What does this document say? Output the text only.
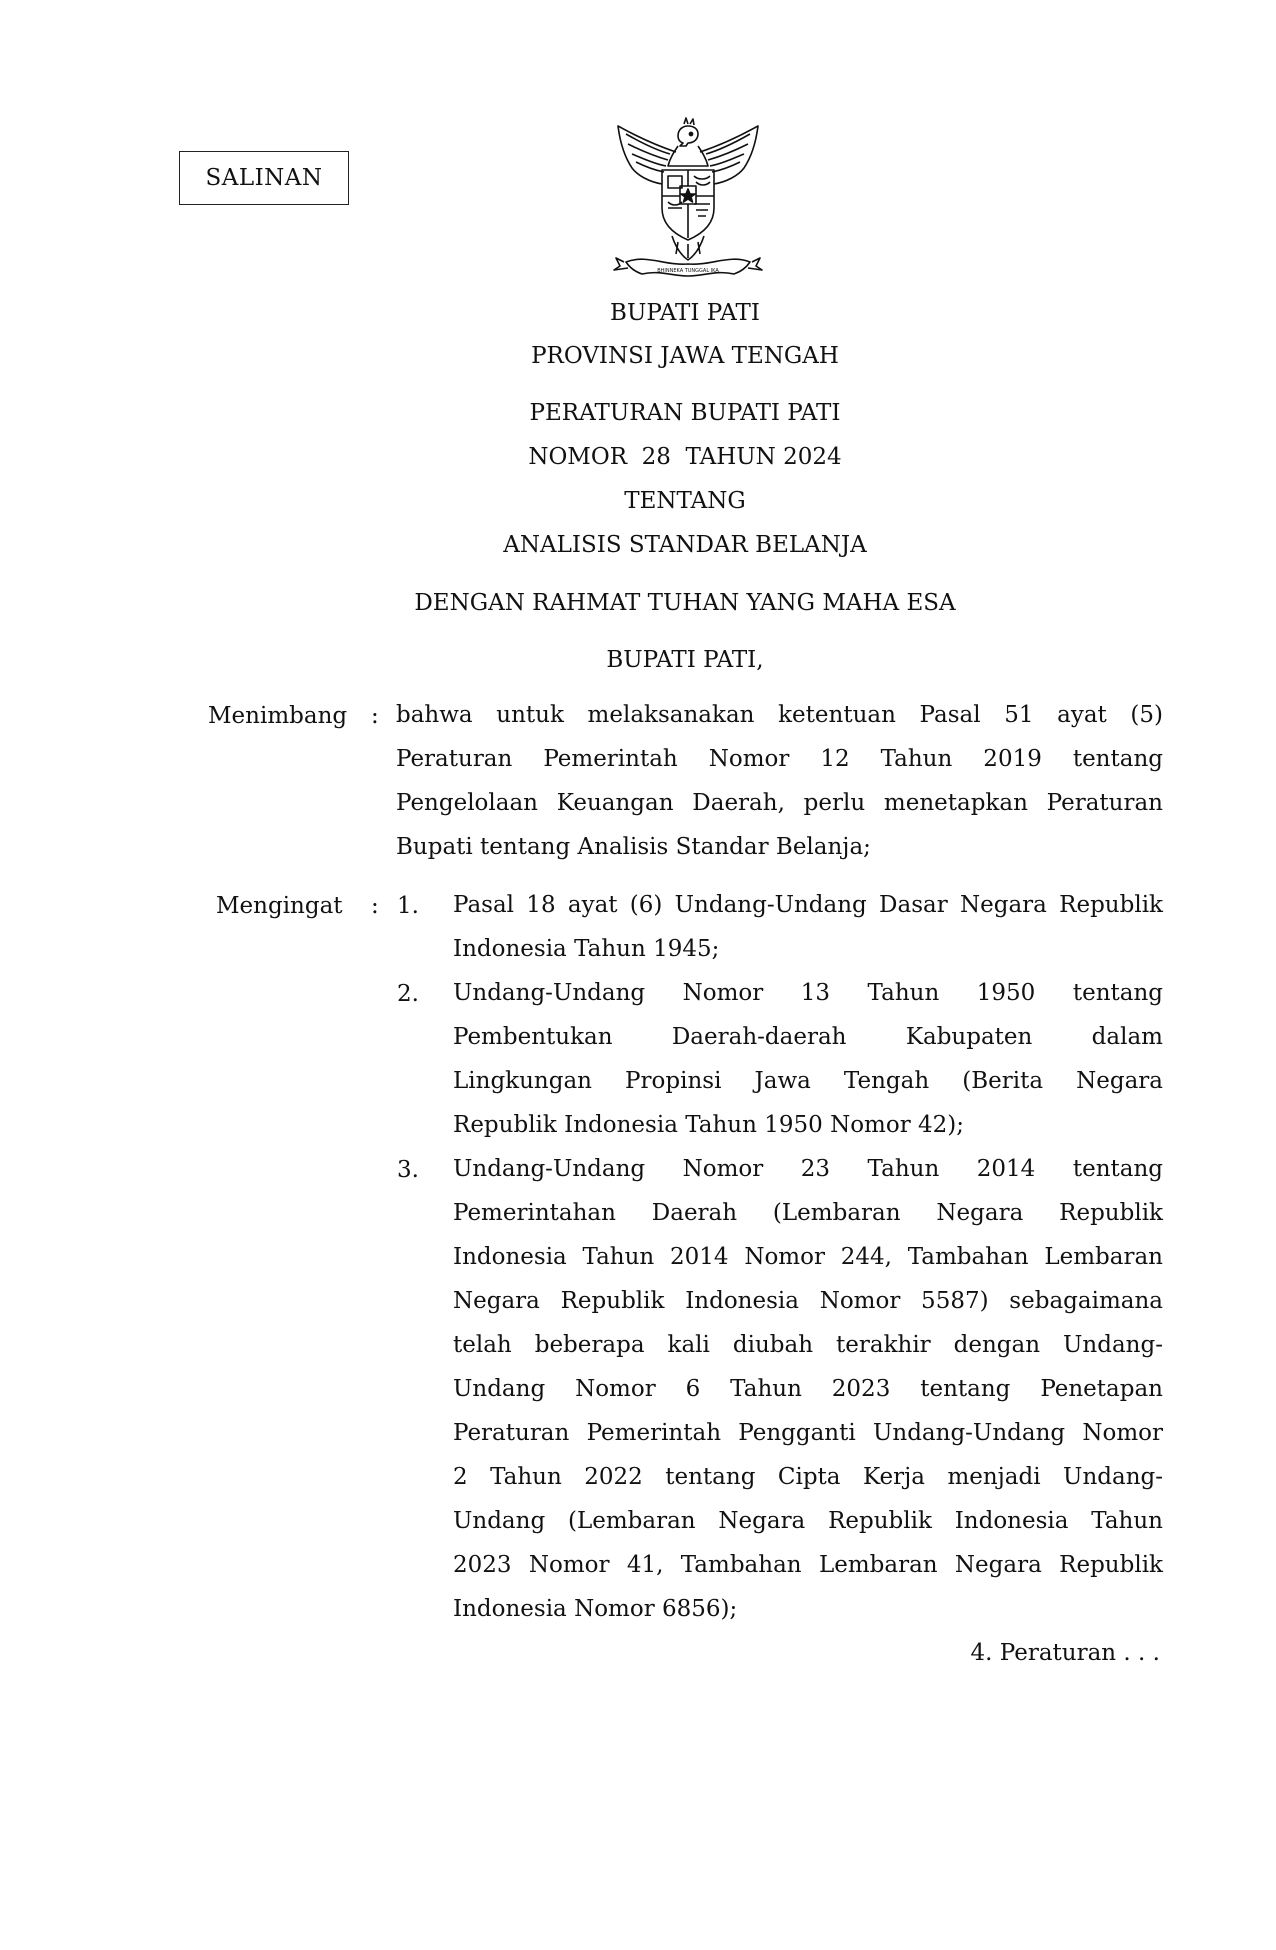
SALINAN
BHINNEKA TUNGGAL IKA
BUPATI PATI
PROVINSI JAWA TENGAH
PERATURAN BUPATI PATI
NOMOR  28  TAHUN 2024
TENTANG
ANALISIS STANDAR BELANJA
DENGAN RAHMAT TUHAN YANG MAHA ESA
BUPATI PATI,
Menimbang : bahwa untuk melaksanakan ketentuan Pasal 51 ayat (5)
Peraturan Pemerintah Nomor 12 Tahun 2019 tentang
Pengelolaan Keuangan Daerah, perlu menetapkan Peraturan
Bupati tentang Analisis Standar Belanja;
Mengingat : 1. Pasal 18 ayat (6) Undang-Undang Dasar Negara Republik
Indonesia Tahun 1945;
2. Undang-Undang Nomor 13 Tahun 1950 tentang
Pembentukan Daerah-daerah Kabupaten dalam
Lingkungan Propinsi Jawa Tengah (Berita Negara
Republik Indonesia Tahun 1950 Nomor 42);
3. Undang-Undang Nomor 23 Tahun 2014 tentang
Pemerintahan Daerah (Lembaran Negara Republik
Indonesia Tahun 2014 Nomor 244, Tambahan Lembaran
Negara Republik Indonesia Nomor 5587) sebagaimana
telah beberapa kali diubah terakhir dengan Undang-
Undang Nomor 6 Tahun 2023 tentang Penetapan
Peraturan Pemerintah Pengganti Undang-Undang Nomor
2 Tahun 2022 tentang Cipta Kerja menjadi Undang-
Undang (Lembaran Negara Republik Indonesia Tahun
2023 Nomor 41, Tambahan Lembaran Negara Republik
Indonesia Nomor 6856);
4. Peraturan . . .
